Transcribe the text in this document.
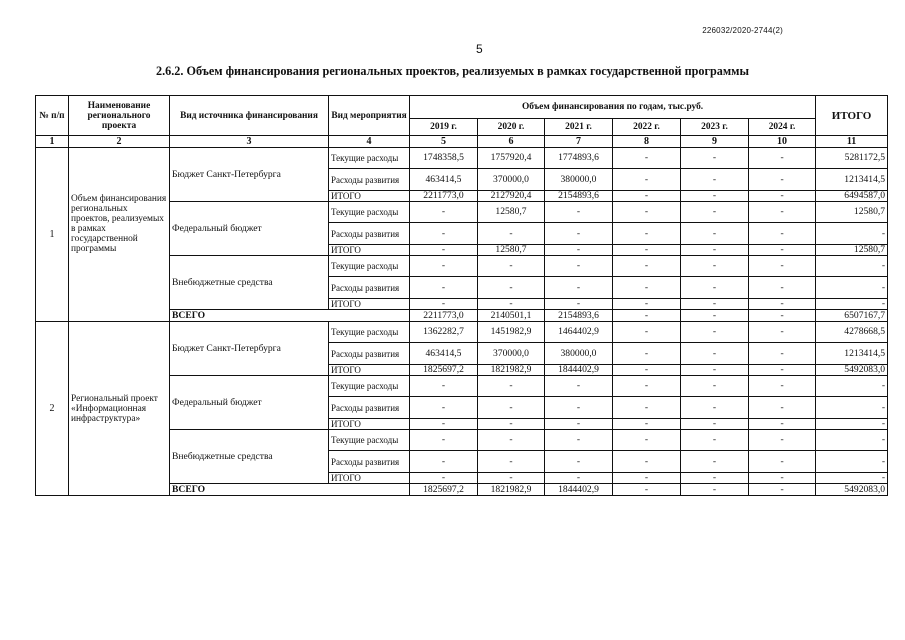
226032/2020-2744(2)
5
2.6.2. Объем финансирования региональных проектов, реализуемых в рамках государственной программы
№ п/п	Наименование регионального проекта	Вид источника финансирования	Вид мероприятия	Объем финансирования по годам, тыс.руб.						ИТОГО
				2019 г.	2020 г.	2021 г.	2022 г.	2023 г.	2024 г.	
1	2	3	4	5	6	7	8	9	10	11
1	Объем финансирования региональных проектов, реализуемых в рамках государственной программы	Бюджет Санкт-Петербурга	Текущие расходы	1748358,5	1757920,4	1774893,6	-	-	-	5281172,5
			Расходы развития	463414,5	370000,0	380000,0	-	-	-	1213414,5
			ИТОГО	2211773,0	2127920,4	2154893,6	-	-	-	6494587,0
		Федеральный бюджет	Текущие расходы	-	12580,7	-	-	-	-	12580,7
			Расходы развития	-	-	-	-	-	-	-
			ИТОГО	-	12580,7	-	-	-	-	12580,7
		Внебюджетные средства	Текущие расходы	-	-	-	-	-	-	-
			Расходы развития	-	-	-	-	-	-	-
			ИТОГО	-	-	-	-	-	-	-
		ВСЕГО		2211773,0	2140501,1	2154893,6	-	-	-	6507167,7
2	Региональный проект «Информационная инфраструктура»	Бюджет Санкт-Петербурга	Текущие расходы	1362282,7	1451982,9	1464402,9	-	-	-	4278668,5
			Расходы развития	463414,5	370000,0	380000,0	-	-	-	1213414,5
			ИТОГО	1825697,2	1821982,9	1844402,9	-	-	-	5492083,0
		Федеральный бюджет	Текущие расходы	-	-	-	-	-	-	-
			Расходы развития	-	-	-	-	-	-	-
			ИТОГО	-	-	-	-	-	-	-
		Внебюджетные средства	Текущие расходы	-	-	-	-	-	-	-
			Расходы развития	-	-	-	-	-	-	-
			ИТОГО	-	-	-	-	-	-	-
		ВСЕГО		1825697,2	1821982,9	1844402,9	-	-	-	5492083,0
